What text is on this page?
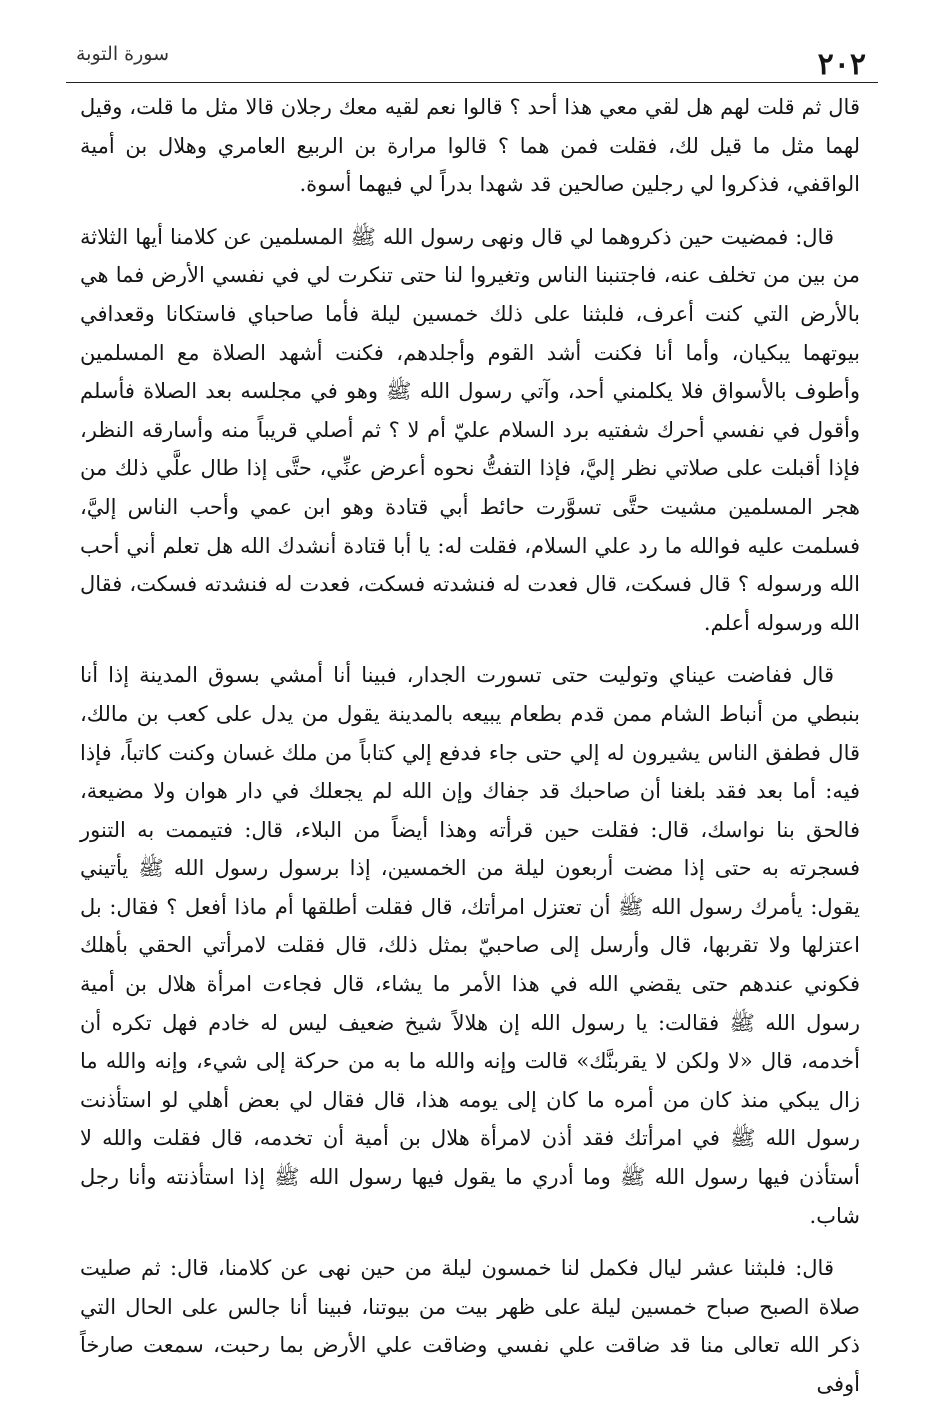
٢٠٢
سورة التوبة

قال ثم قلت لهم هل لقي معي هذا أحد ؟ قالوا نعم لقيه معك رجلان قالا مثل ما قلت، وقيل لهما مثل ما قيل لك، فقلت فمن هما ؟ قالوا مرارة بن الربيع العامري وهلال بن أمية الواقفي، فذكروا لي رجلين صالحين قد شهدا بدراً لي فيهما أسوة.

قال: فمضيت حين ذكروهما لي قال ونهى رسول الله ﷺ المسلمين عن كلامنا أيها الثلاثة من بين من تخلف عنه، فاجتنبنا الناس وتغيروا لنا حتى تنكرت لي في نفسي الأرض فما هي بالأرض التي كنت أعرف، فلبثنا على ذلك خمسين ليلة فأما صاحباي فاستكانا وقعدافي بيوتهما يبكيان، وأما أنا فكنت أشد القوم وأجلدهم، فكنت أشهد الصلاة مع المسلمين وأطوف بالأسواق فلا يكلمني أحد، وآتي رسول الله ﷺ وهو في مجلسه بعد الصلاة فأسلم وأقول في نفسي أحرك شفتيه برد السلام عليّ أم لا ؟ ثم أصلي قريباً منه وأسارقه النظر، فإذا أقبلت على صلاتي نظر إليَّ، فإذا التفتُّ نحوه أعرض عنِّي، حتَّى إذا طال علَّي ذلك من هجر المسلمين مشيت حتَّى تسوَّرت حائط أبي قتادة وهو ابن عمي وأحب الناس إليَّ، فسلمت عليه فوالله ما رد علي السلام، فقلت له: يا أبا قتادة أنشدك الله هل تعلم أني أحب الله ورسوله ؟ قال فسكت، قال فعدت له فنشدته فسكت، فعدت له فنشدته فسكت، فقال الله ورسوله أعلم.

قال ففاضت عيناي وتوليت حتى تسورت الجدار، فبينا أنا أمشي بسوق المدينة إذا أنا بنبطي من أنباط الشام ممن قدم بطعام يبيعه بالمدينة يقول من يدل على كعب بن مالك، قال فطفق الناس يشيرون له إلي حتى جاء فدفع إلي كتاباً من ملك غسان وكنت كاتباً، فإذا فيه: أما بعد فقد بلغنا أن صاحبك قد جفاك وإن الله لم يجعلك في دار هوان ولا مضيعة، فالحق بنا نواسك، قال: فقلت حين قرأته وهذا أيضاً من البلاء، قال: فتيممت به التنور فسجرته به حتى إذا مضت أربعون ليلة من الخمسين، إذا برسول رسول الله ﷺ يأتيني يقول: يأمرك رسول الله ﷺ أن تعتزل امرأتك، قال فقلت أطلقها أم ماذا أفعل ؟ فقال: بل اعتزلها ولا تقربها، قال وأرسل إلى صاحبيّ بمثل ذلك، قال فقلت لامرأتي الحقي بأهلك فكوني عندهم حتى يقضي الله في هذا الأمر ما يشاء، قال فجاءت امرأة هلال بن أمية رسول الله ﷺ فقالت: يا رسول الله إن هلالاً شيخ ضعيف ليس له خادم فهل تكره أن أخدمه، قال «لا ولكن لا يقربنَّك» قالت وإنه والله ما به من حركة إلى شيء، وإنه والله ما زال يبكي منذ كان من أمره ما كان إلى يومه هذا، قال فقال لي بعض أهلي لو استأذنت رسول الله ﷺ في امرأتك فقد أذن لامرأة هلال بن أمية أن تخدمه، قال فقلت والله لا أستأذن فيها رسول الله ﷺ وما أدري ما يقول فيها رسول الله ﷺ إذا استأذنته وأنا رجل شاب.

قال: فلبثنا عشر ليال فكمل لنا خمسون ليلة من حين نهى عن كلامنا، قال: ثم صليت صلاة الصبح صباح خمسين ليلة على ظهر بيت من بيوتنا، فبينا أنا جالس على الحال التي ذكر الله تعالى منا قد ضاقت علي نفسي وضاقت علي الأرض بما رحبت، سمعت صارخاً أوفى
